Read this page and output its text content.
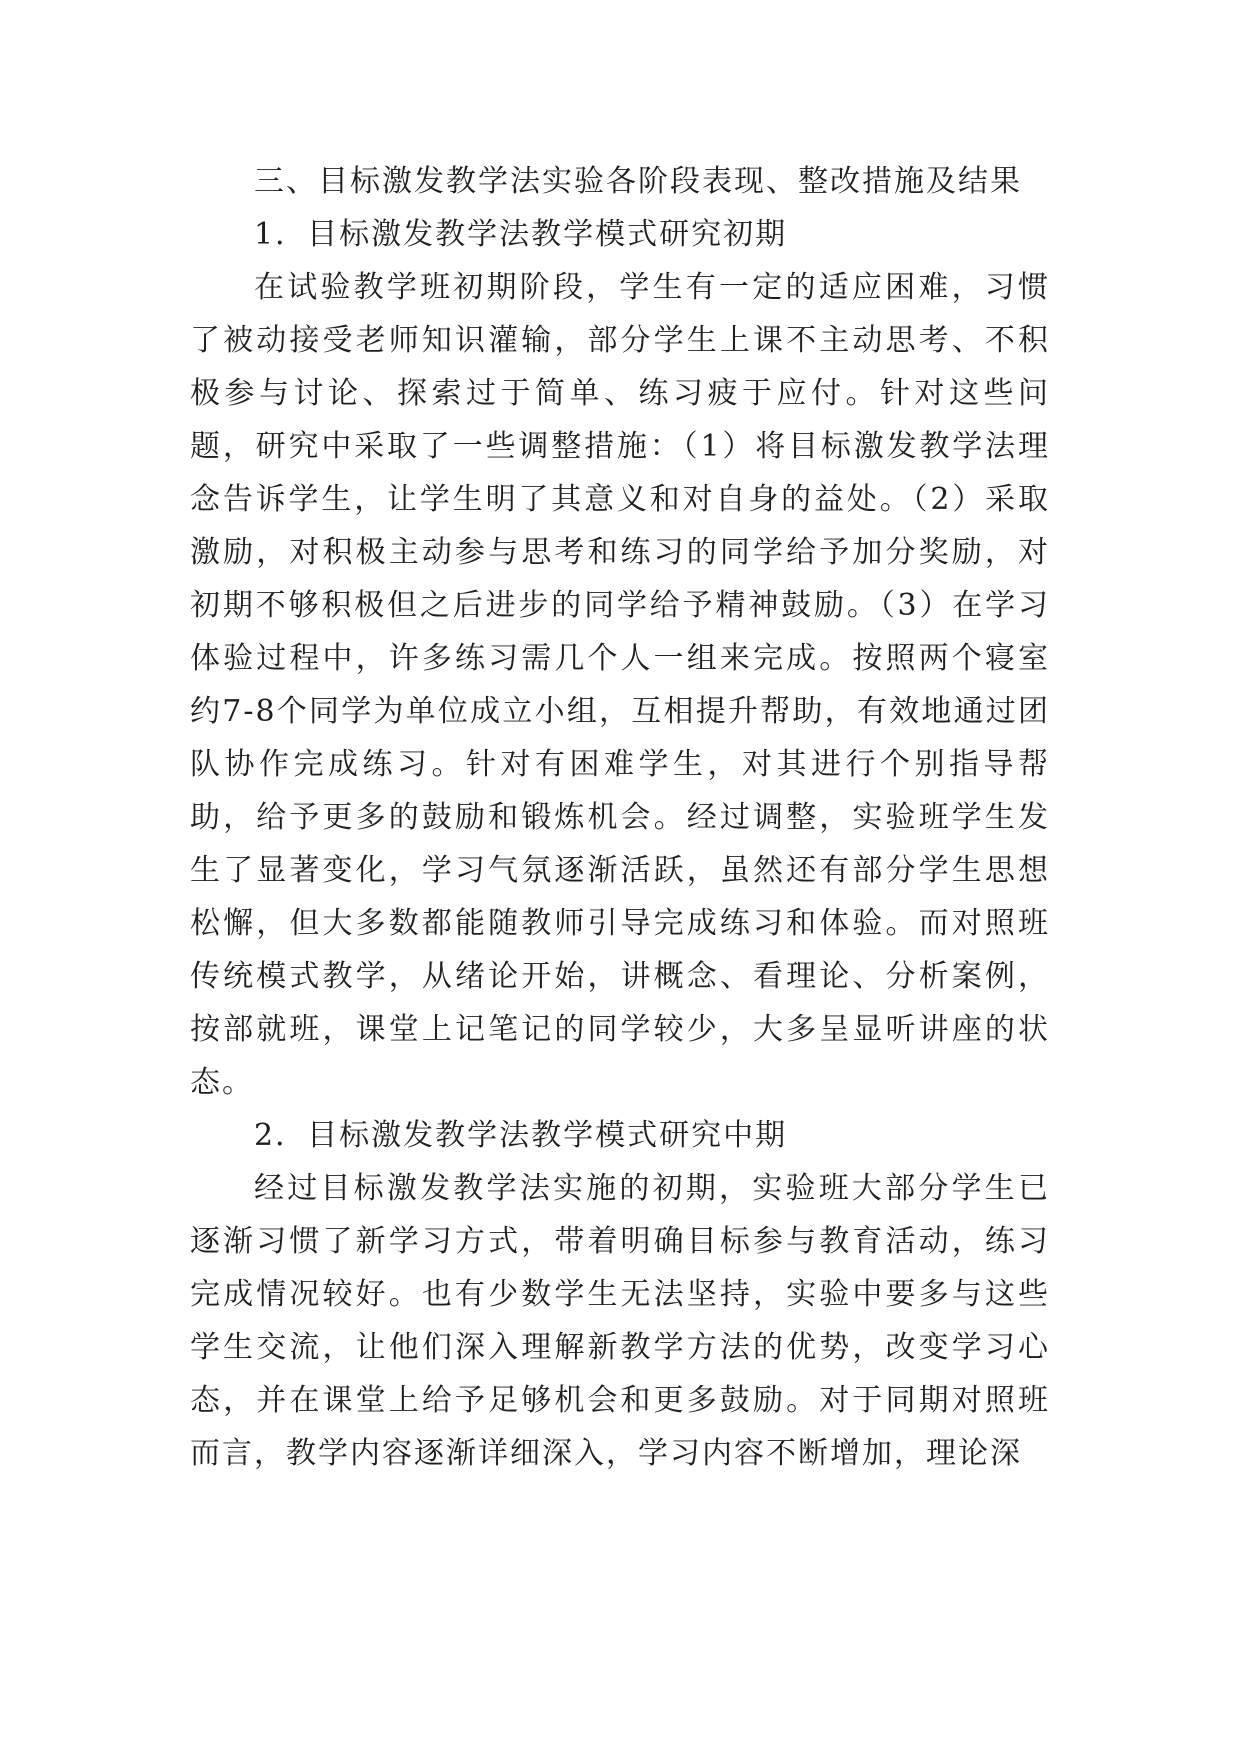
三、目标激发教学法实验各阶段表现、整改措施及结果

1．目标激发教学法教学模式研究初期

在试验教学班初期阶段，学生有一定的适应困难，习惯了被动接受老师知识灌输，部分学生上课不主动思考、不积极参与讨论、探索过于简单、练习疲于应付。针对这些问题，研究中采取了一些调整措施：（1）将目标激发教学法理念告诉学生，让学生明了其意义和对自身的益处。（2）采取激励，对积极主动参与思考和练习的同学给予加分奖励，对初期不够积极但之后进步的同学给予精神鼓励。（3）在学习体验过程中，许多练习需几个人一组来完成。按照两个寝室约7-8个同学为单位成立小组，互相提升帮助，有效地通过团队协作完成练习。针对有困难学生，对其进行个别指导帮助，给予更多的鼓励和锻炼机会。经过调整，实验班学生发生了显著变化，学习气氛逐渐活跃，虽然还有部分学生思想松懈，但大多数都能随教师引导完成练习和体验。而对照班传统模式教学，从绪论开始，讲概念、看理论、分析案例，按部就班，课堂上记笔记的同学较少，大多呈显听讲座的状态。

2．目标激发教学法教学模式研究中期

经过目标激发教学法实施的初期，实验班大部分学生已逐渐习惯了新学习方式，带着明确目标参与教育活动，练习完成情况较好。也有少数学生无法坚持，实验中要多与这些学生交流，让他们深入理解新教学方法的优势，改变学习心态，并在课堂上给予足够机会和更多鼓励。对于同期对照班而言，教学内容逐渐详细深入，学习内容不断增加，理论深
